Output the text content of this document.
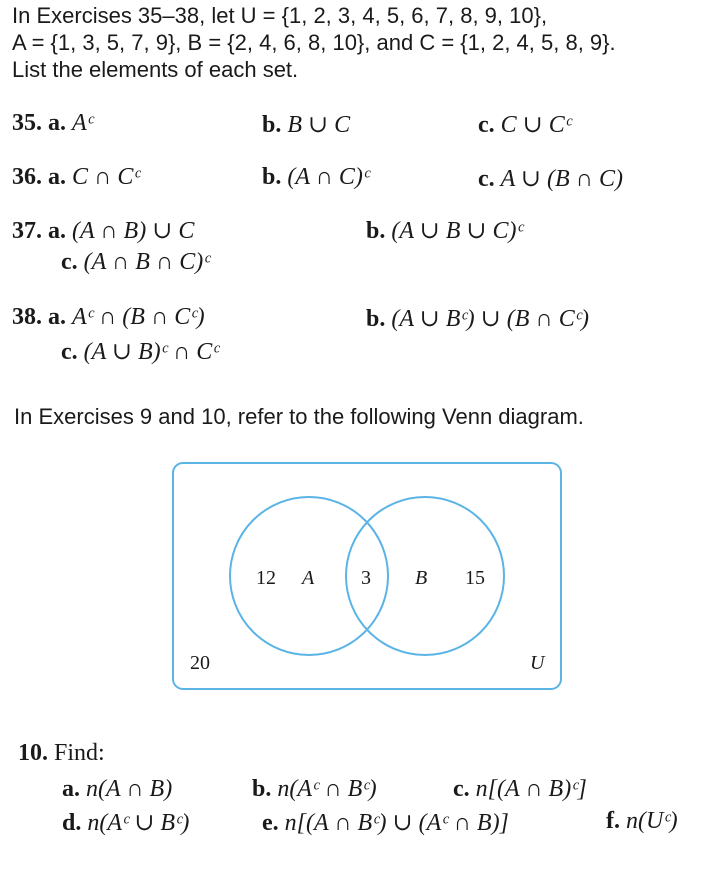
In Exercises 35–38, let U = {1, 2, 3, 4, 5, 6, 7, 8, 9, 10},
A = {1, 3, 5, 7, 9}, B = {2, 4, 6, 8, 10}, and C = {1, 2, 4, 5, 8, 9}.
List the elements of each set.
35. a. Aᶜ	b. B ∪ C	c. C ∪ Cᶜ
36. a. C ∩ Cᶜ	b. (A ∩ C)ᶜ	c. A ∪ (B ∩ C)
37. a. (A ∩ B) ∪ C	b. (A ∪ B ∪ C)ᶜ
c. (A ∩ B ∩ C)ᶜ
38. a. Aᶜ ∩ (B ∩ Cᶜ)	b. (A ∪ Bᶜ) ∪ (B ∩ Cᶜ)
c. (A ∪ B)ᶜ ∩ Cᶜ
In Exercises 9 and 10, refer to the following Venn diagram.
12 A 3 B 15
20	U
10. Find:
a. n(A ∩ B)	b. n(Aᶜ ∩ Bᶜ)	c. n[(A ∩ B)ᶜ]
d. n(Aᶜ ∪ Bᶜ)	e. n[(A ∩ Bᶜ) ∪ (Aᶜ ∩ B)]	f. n(Uᶜ)
